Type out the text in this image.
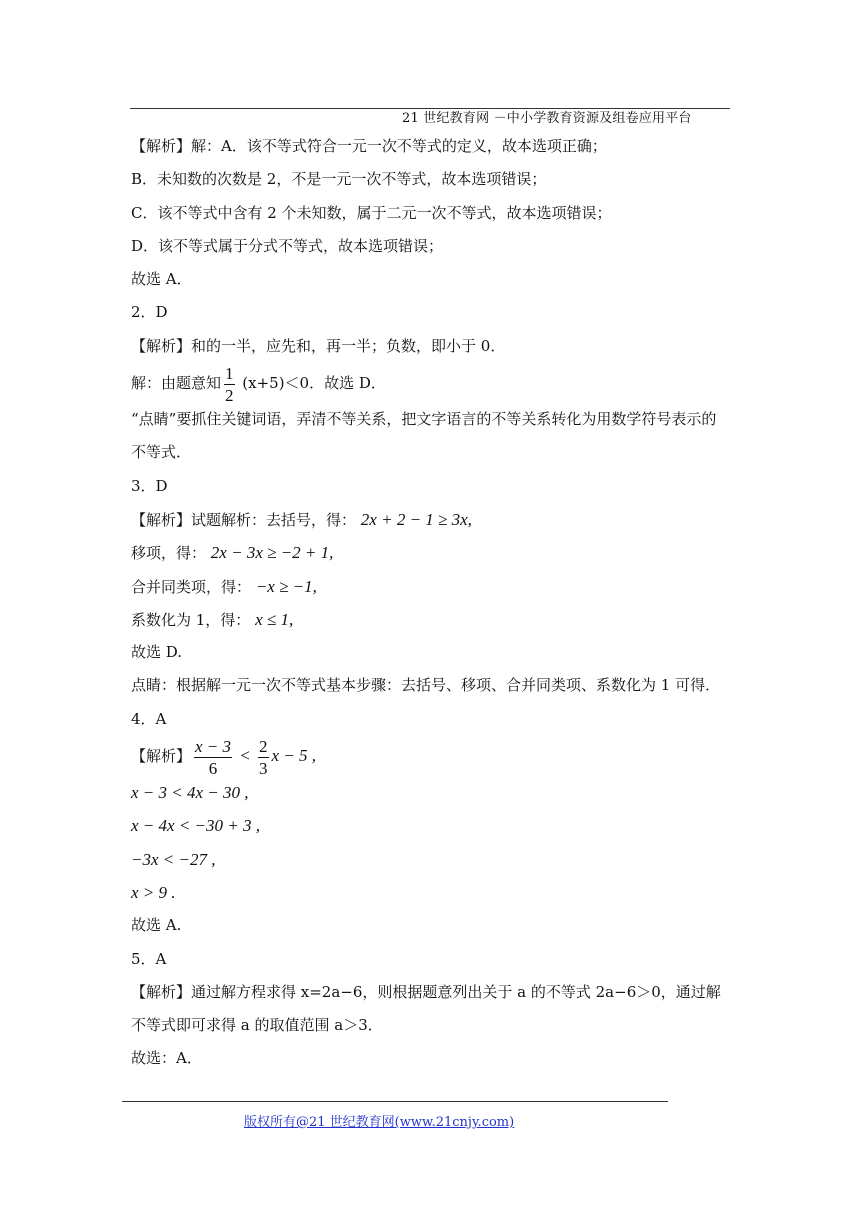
21 世纪教育网 －中小学教育资源及组卷应用平台
【解析】解：A．该不等式符合一元一次不等式的定义，故本选项正确；
B．未知数的次数是 2，不是一元一次不等式，故本选项错误；
C．该不等式中含有 2 个未知数，属于二元一次不等式，故本选项错误；
D．该不等式属于分式不等式，故本选项错误；
故选 A．
2．D
【解析】和的一半，应先和，再一半；负数，即小于 0．
解：由题意知 $\frac{1}{2} (x+5)<0$．故选 D．
“点睛”要抓住关键词语，弄清不等关系，把文字语言的不等关系转化为用数学符号表示的不等式．
3．D
【解析】试题解析：去括号，得： 2x + 2 − 1 ≥ 3x,
移项，得： 2x − 3x ≥ −2 + 1,
合并同类项，得： −x ≥ −1,
系数化为 1，得： x ≤ 1,
故选 D.
点睛：根据解一元一次不等式基本步骤：去括号、移项、合并同类项、系数化为 1 可得．
4．A
【解析】 $\frac{x - 3}{6} < \frac{2}{3}$ x − 5 ,
x − 3 < 4x − 30 ,
x − 4x < −30 + 3 ,
−3x < −27 ,
x > 9 .
故选 A.
5．A
【解析】通过解方程求得 x=2a−6，则根据题意列出关于 a 的不等式 2a−6＞0，通过解不等式即可求得 a 的取值范围 a＞3．
故选：A．
版权所有@21 世纪教育网(www.21cnjy.com)
